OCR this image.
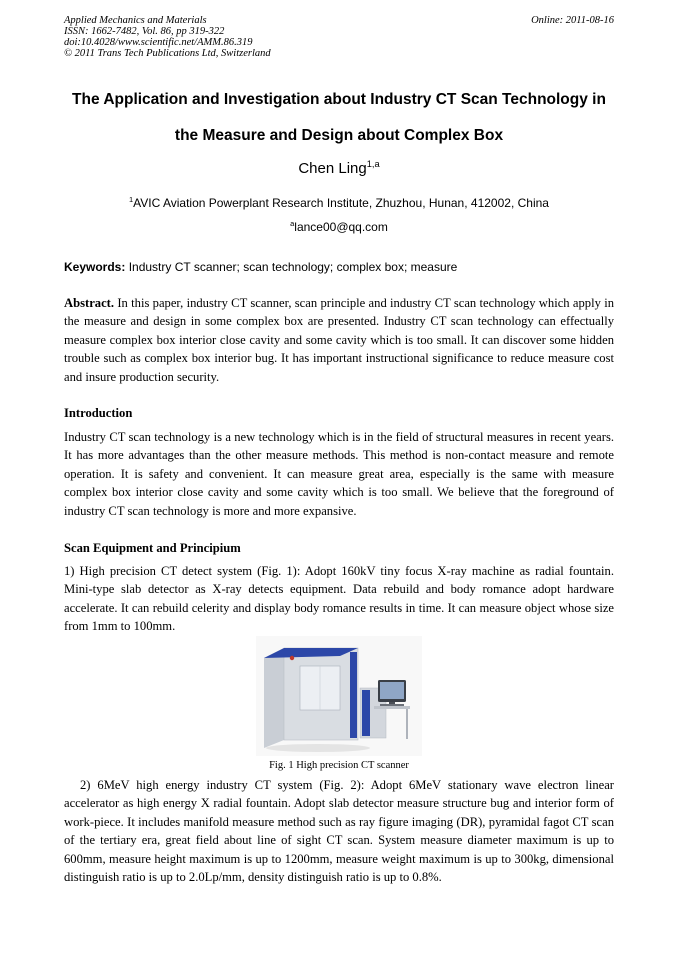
Applied Mechanics and Materials
ISSN: 1662-7482, Vol. 86, pp 319-322
doi:10.4028/www.scientific.net/AMM.86.319
© 2011 Trans Tech Publications Ltd, Switzerland
Online: 2011-08-16
The Application and Investigation about Industry CT Scan Technology in
the Measure and Design about Complex Box
Chen Ling$^{1,a}$
$^1$AVIC Aviation Powerplant Research Institute, Zhuzhou, Hunan, 412002, China
$^a$lance00@qq.com
Keywords: Industry CT scanner; scan technology; complex box; measure

Abstract. In this paper, industry CT scanner, scan principle and industry CT scan technology which apply in the measure and design in some complex box are presented. Industry CT scan technology can effectually measure complex box interior close cavity and some cavity which is too small. It can discover some hidden trouble such as complex box interior bug. It has important instructional significance to reduce measure cost and insure production security.

Introduction

Industry CT scan technology is a new technology which is in the field of structural measures in recent years. It has more advantages than the other measure methods. This method is non-contact measure and remote operation. It is safety and convenient. It can measure great area, especially is the same with measure complex box interior close cavity and some cavity which is too small. We believe that the foreground of industry CT scan technology is more and more expansive.

Scan Equipment and Principium

1) High precision CT detect system (Fig. 1): Adopt 160kV tiny focus X-ray machine as radial fountain. Mini-type slab detector as X-ray detects equipment. Data rebuild and body romance adopt hardware accelerate. It can rebuild celerity and display body romance results in time. It can measure object whose size from 1mm to 100mm.

Fig. 1 High precision CT scanner

2) 6MeV high energy industry CT system (Fig. 2): Adopt 6MeV stationary wave electron linear accelerator as high energy X radial fountain. Adopt slab detector measure structure bug and interior form of work-piece. It includes manifold measure method such as ray figure imaging (DR), pyramidal fagot CT scan of the tertiary era, great field about line of sight CT scan. System measure diameter maximum is up to 600mm, measure height maximum is up to 1200mm, measure weight maximum is up to 300kg, dimensional distinguish ratio is up to 2.0Lp/mm, density distinguish ratio is up to 0.8%.
